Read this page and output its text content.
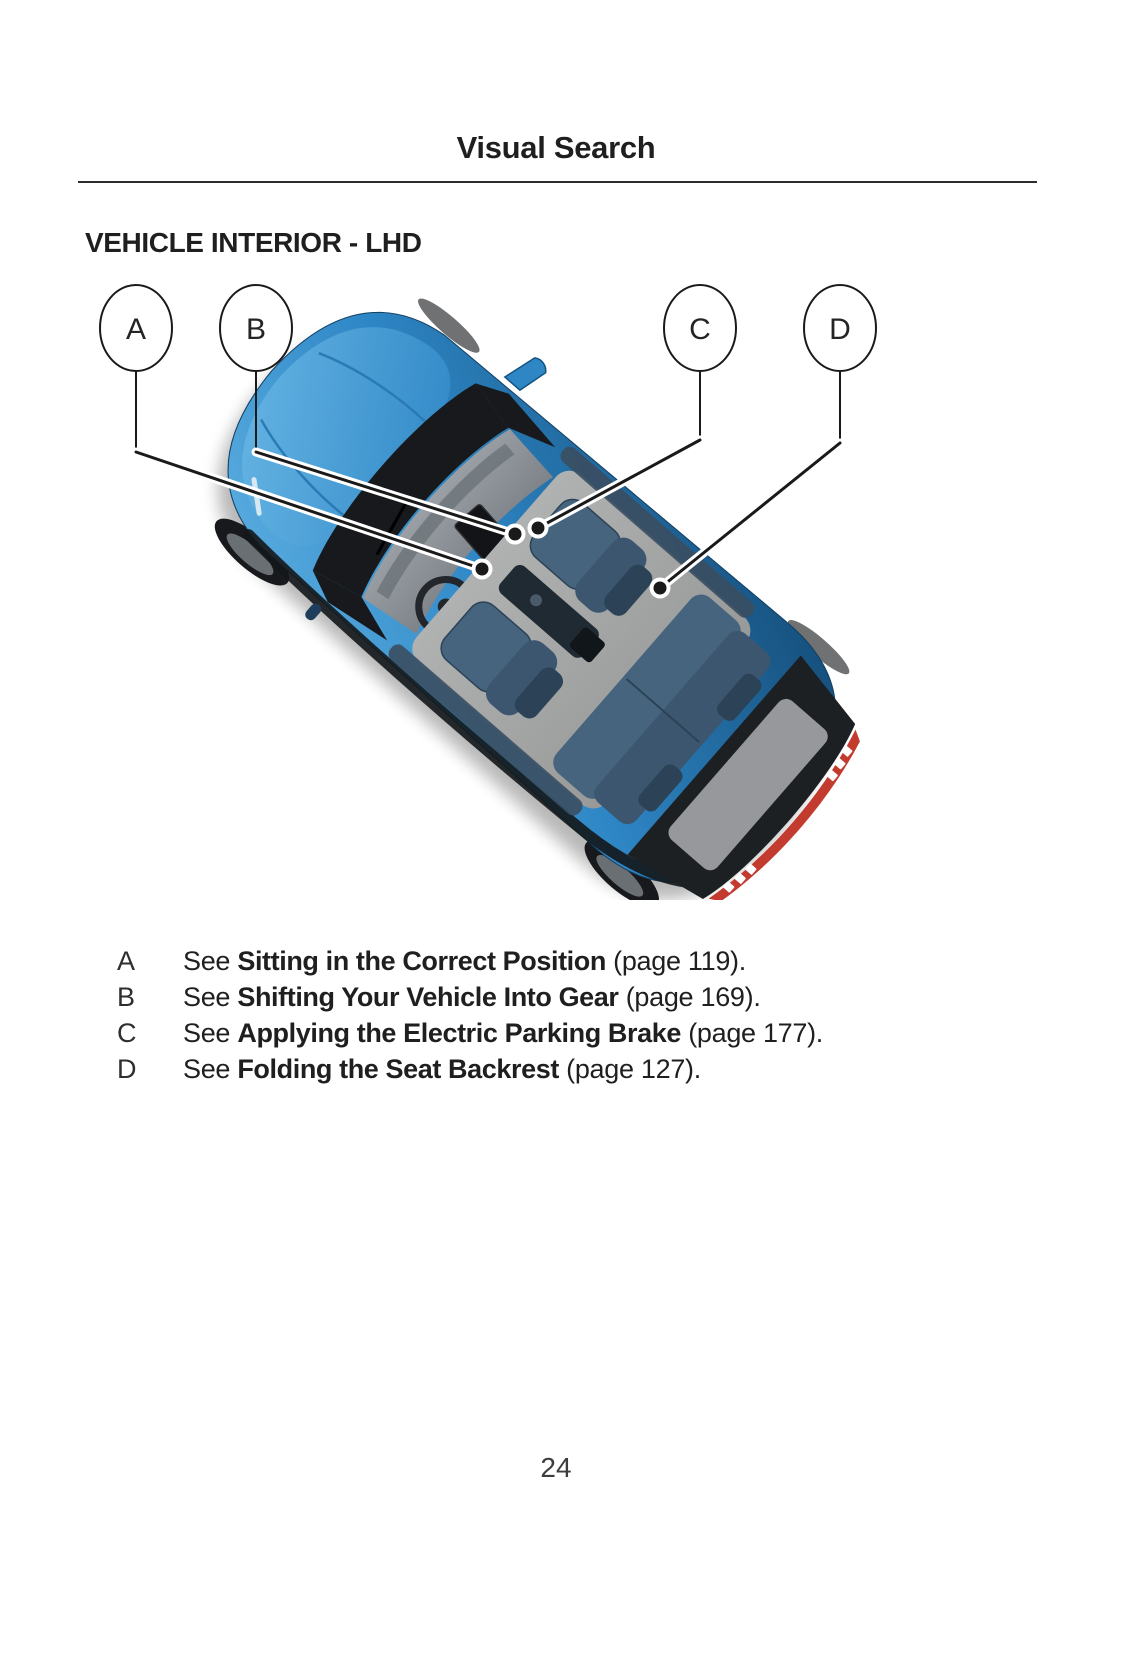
Visual Search
VEHICLE INTERIOR - LHD
A	B	C	D
A	See Sitting in the Correct Position (page 119).
B	See Shifting Your Vehicle Into Gear (page 169).
C	See Applying the Electric Parking Brake (page 177).
D	See Folding the Seat Backrest (page 127).
24
